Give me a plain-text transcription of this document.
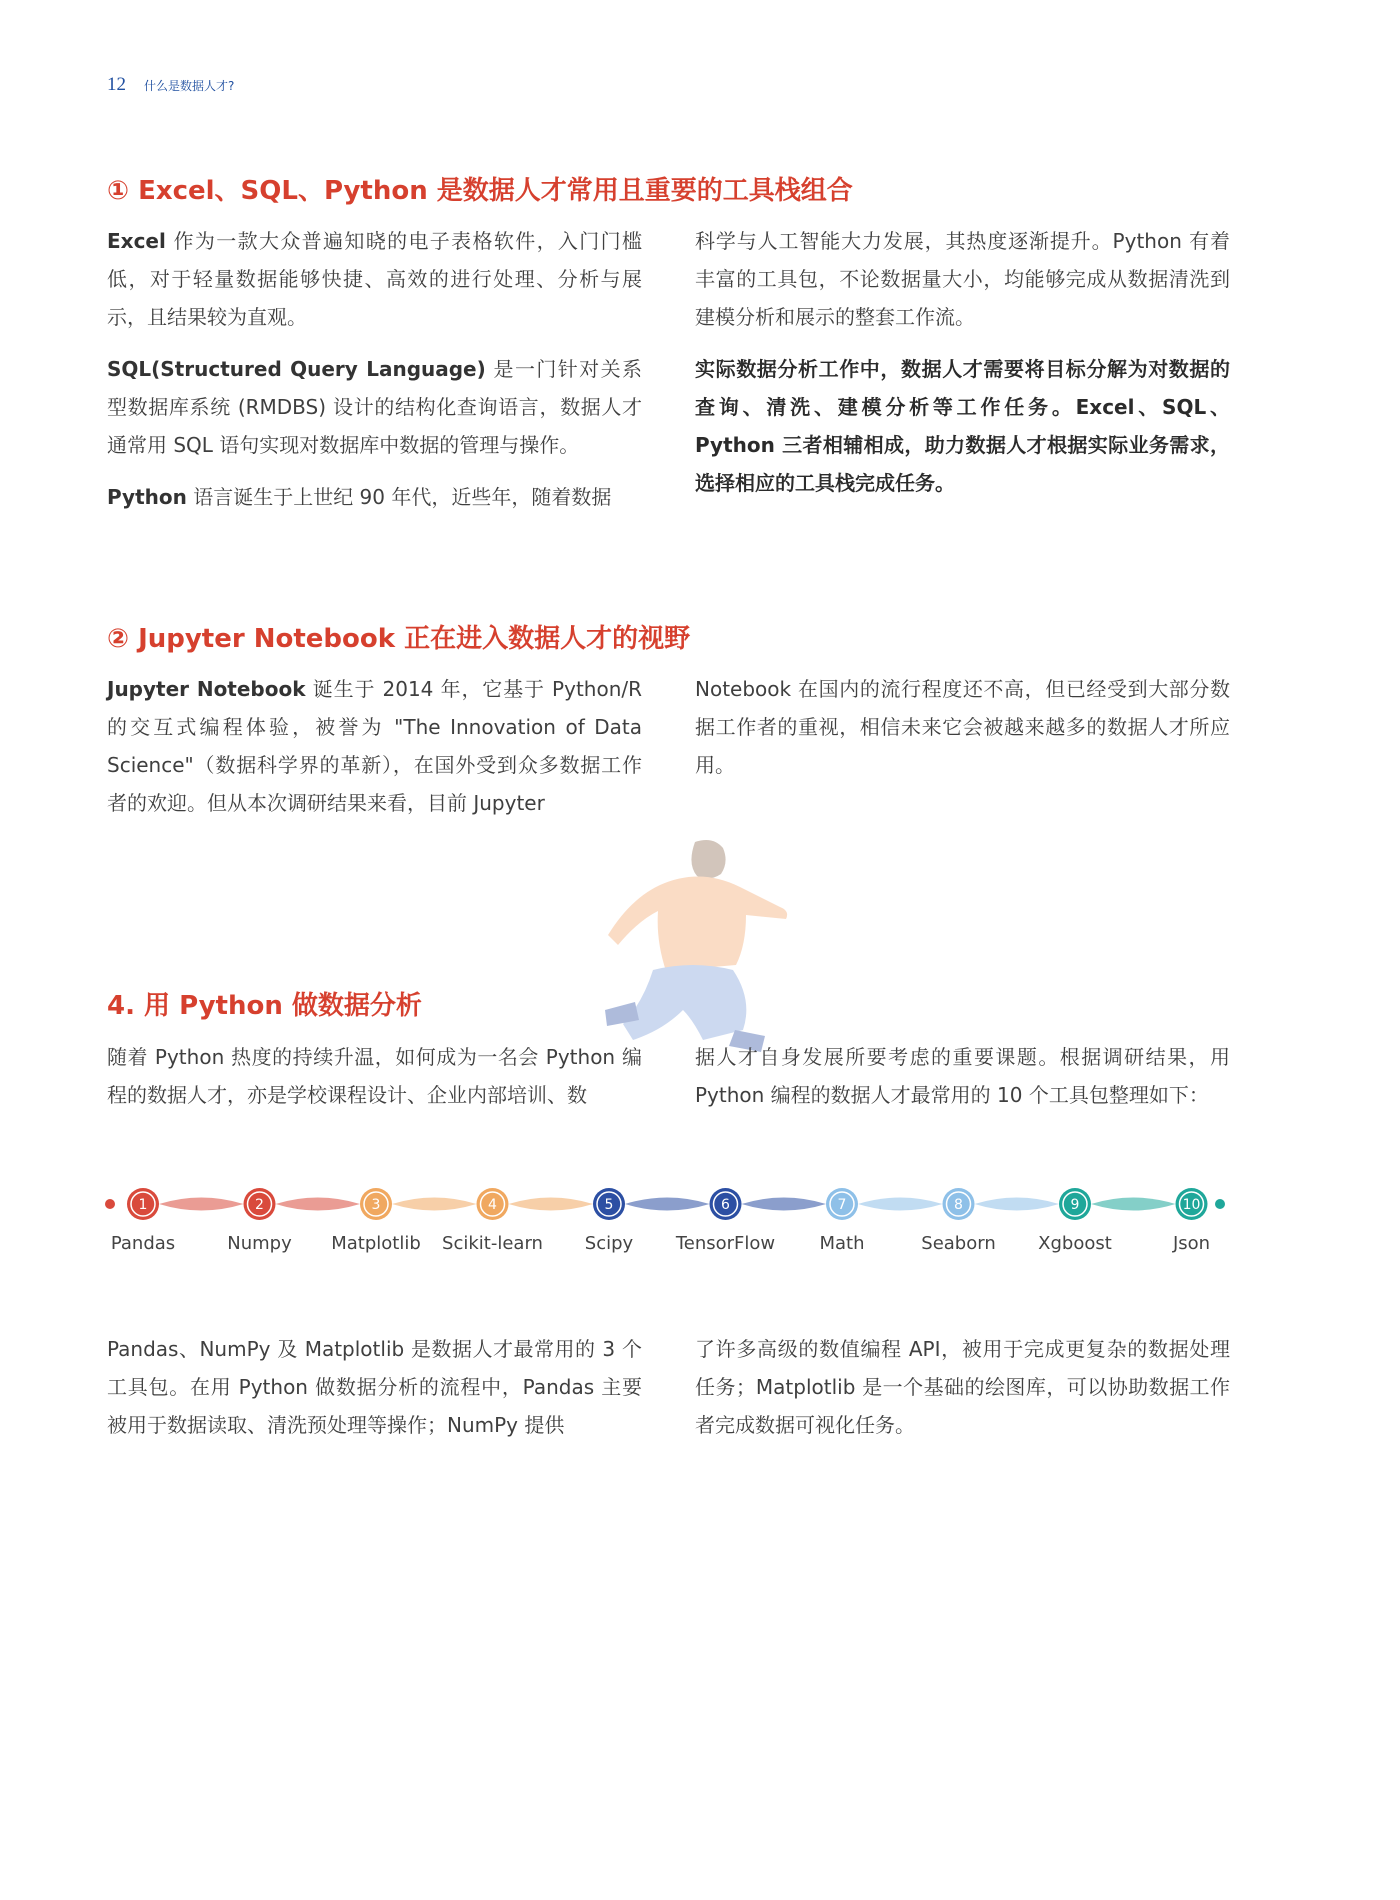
12 什么是数据人才?
① Excel、SQL、Python 是数据人才常用且重要的工具栈组合

Excel 作为一款大众普遍知晓的电子表格软件，入门门槛低，对于轻量数据能够快捷、高效的进行处理、分析与展示，且结果较为直观。

SQL(Structured Query Language) 是一门针对关系型数据库系统 (RMDBS) 设计的结构化查询语言，数据人才通常用 SQL 语句实现对数据库中数据的管理与操作。

Python 语言诞生于上世纪 90 年代，近些年，随着数据

科学与人工智能大力发展，其热度逐渐提升。Python 有着丰富的工具包，不论数据量大小，均能够完成从数据清洗到建模分析和展示的整套工作流。

实际数据分析工作中，数据人才需要将目标分解为对数据的查询、清洗、建模分析等工作任务。Excel、SQL、Python 三者相辅相成，助力数据人才根据实际业务需求，选择相应的工具栈完成任务。

② Jupyter Notebook 正在进入数据人才的视野

Jupyter Notebook 诞生于 2014 年，它基于 Python/R 的交互式编程体验，被誉为 "The Innovation of Data Science"（数据科学界的革新），在国外受到众多数据工作者的欢迎。但从本次调研结果来看，目前 Jupyter

Notebook 在国内的流行程度还不高，但已经受到大部分数据工作者的重视，相信未来它会被越来越多的数据人才所应用。

4. 用 Python 做数据分析

随着 Python 热度的持续升温，如何成为一名会 Python 编程的数据人才，亦是学校课程设计、企业内部培训、数

据人才自身发展所要考虑的重要课题。根据调研结果，用 Python 编程的数据人才最常用的 10 个工具包整理如下：

1	2	3	4	5	6	7	8	9	10
Pandas	Numpy	Matplotlib	Scikit-learn	Scipy	TensorFlow	Math	Seaborn	Xgboost	Json

Pandas、NumPy 及 Matplotlib 是数据人才最常用的 3 个工具包。在用 Python 做数据分析的流程中，Pandas 主要被用于数据读取、清洗预处理等操作；NumPy 提供

了许多高级的数值编程 API，被用于完成更复杂的数据处理任务；Matplotlib 是一个基础的绘图库，可以协助数据工作者完成数据可视化任务。
